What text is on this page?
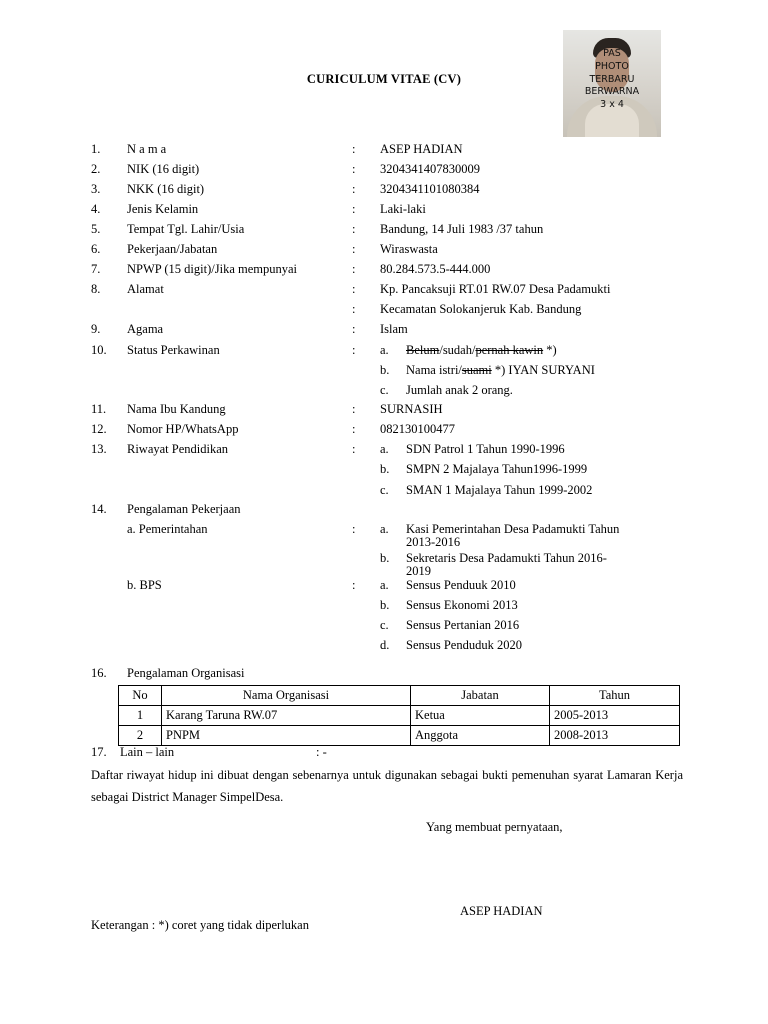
PAS
PHOTO
TERBARU
BERWARNA
3 x 4
CURICULUM VITAE (CV)
1. N a m a	: ASEP HADIAN
2. NIK (16 digit)	: 3204341407830009
3. NKK (16 digit)	: 3204341101080384
4. Jenis Kelamin	: Laki-laki
5. Tempat Tgl. Lahir/Usia	: Bandung, 14 Juli 1983 /37 tahun
6. Pekerjaan/Jabatan	: Wiraswasta
7. NPWP (15 digit)/Jika mempunyai	: 80.284.573.5-444.000
8. Alamat	: Kp. Pancaksuji RT.01 RW.07 Desa Padamukti
: Kecamatan Solokanjeruk Kab. Bandung
9. Agama	: Islam
10. Status Perkawinan	: a. Belum/sudah/pernah kawin *)
b. Nama istri/suami *) IYAN SURYANI
c. Jumlah anak 2 orang.
11. Nama Ibu Kandung	: SURNASIH
12. Nomor HP/WhatsApp	: 082130100477
13. Riwayat Pendidikan	: a. SDN Patrol 1 Tahun 1990-1996
b. SMPN 2 Majalaya Tahun1996-1999
c. SMAN 1 Majalaya Tahun 1999-2002
14. Pengalaman Pekerjaan
a. Pemerintahan	: a. Kasi Pemerintahan Desa Padamukti Tahun
2013-2016
b. Sekretaris Desa Padamukti Tahun 2016-
2019
b. BPS	: a. Sensus Penduuk 2010
b. Sensus Ekonomi 2013
c. Sensus Pertanian 2016
d. Sensus Penduduk 2020
16. Pengalaman Organisasi
No	Nama Organisasi	Jabatan	Tahun
1	Karang Taruna RW.07	Ketua	2005-2013
2	PNPM	Anggota	2008-2013
17. Lain – lain	: -
Daftar riwayat hidup ini dibuat dengan sebenarnya untuk digunakan sebagai bukti pemenuhan syarat Lamaran Kerja sebagai District Manager SimpelDesa.
Yang membuat pernyataan,
ASEP HADIAN
Keterangan : *) coret yang tidak diperlukan
